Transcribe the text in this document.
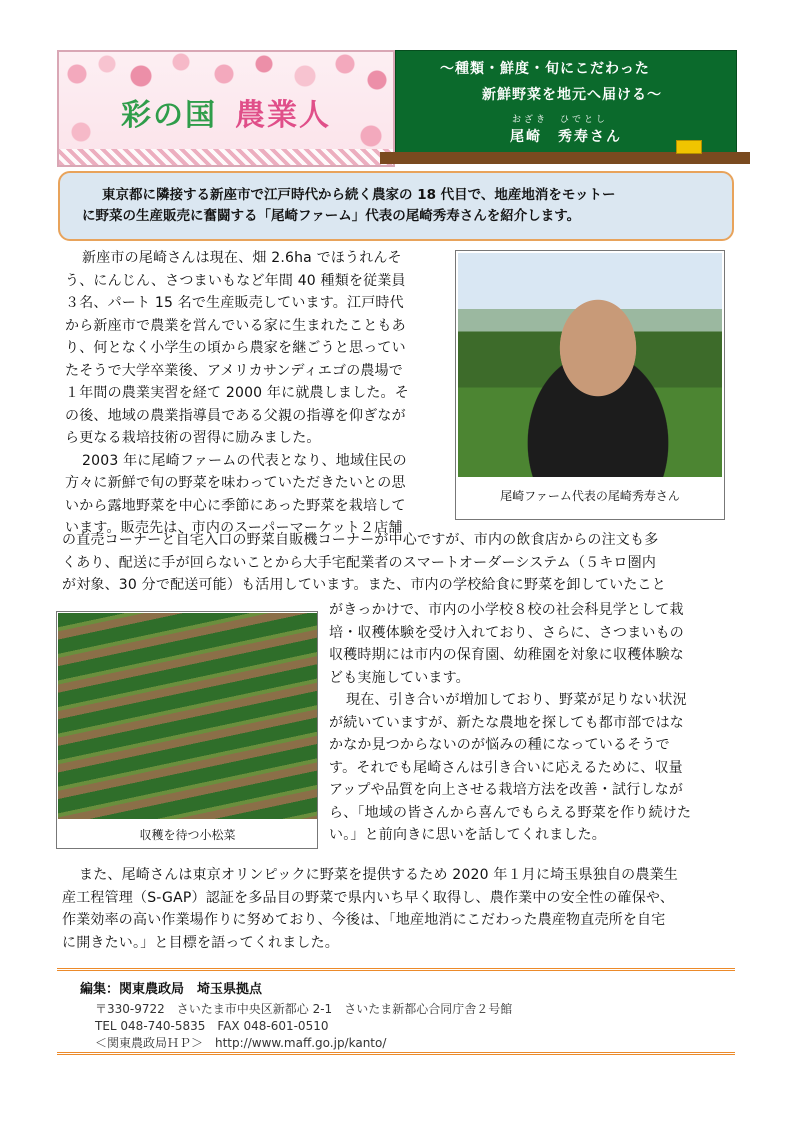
彩の国 農業人
～種類・鮮度・旬にこだわった
新鮮野菜を地元へ届ける～
おざき　ひでとし
尾崎　秀寿さん
東京都に隣接する新座市で江戸時代から続く農家の 18 代目で、地産地消をモットー
に野菜の生産販売に奮闘する「尾崎ファーム」代表の尾崎秀寿さんを紹介します。
新座市の尾崎さんは現在、畑 2.6ha でほうれんそ
う、にんじん、さつまいもなど年間 40 種類を従業員
３名、パート 15 名で生産販売しています。江戸時代
から新座市で農業を営んでいる家に生まれたこともあ
り、何となく小学生の頃から農家を継ごうと思ってい
たそうで大学卒業後、アメリカサンディエゴの農場で
１年間の農業実習を経て 2000 年に就農しました。そ
の後、地域の農業指導員である父親の指導を仰ぎなが
ら更なる栽培技術の習得に励みました。
2003 年に尾崎ファームの代表となり、地域住民の
方々に新鮮で旬の野菜を味わっていただきたいとの思
いから露地野菜を中心に季節にあった野菜を栽培して
います。販売先は、市内のスーパーマーケット２店舗
尾崎ファーム代表の尾崎秀寿さん
の直売コーナーと自宅入口の野菜自販機コーナーが中心ですが、市内の飲食店からの注文も多
くあり、配送に手が回らないことから大手宅配業者のスマートオーダーシステム（５キロ圏内
が対象、30 分で配送可能）も活用しています。また、市内の学校給食に野菜を卸していたこと
収穫を待つ小松菜
がきっかけで、市内の小学校８校の社会科見学として栽
培・収穫体験を受け入れており、さらに、さつまいもの
収穫時期には市内の保育園、幼稚園を対象に収穫体験な
ども実施しています。
現在、引き合いが増加しており、野菜が足りない状況
が続いていますが、新たな農地を探しても都市部ではな
かなか見つからないのが悩みの種になっているそうで
す。それでも尾崎さんは引き合いに応えるために、収量
アップや品質を向上させる栽培方法を改善・試行しなが
ら、「地域の皆さんから喜んでもらえる野菜を作り続けた
い。」と前向きに思いを話してくれました。
また、尾崎さんは東京オリンピックに野菜を提供するため 2020 年１月に埼玉県独自の農業生
産工程管理（S-GAP）認証を多品目の野菜で県内いち早く取得し、農作業中の安全性の確保や、
作業効率の高い作業場作りに努めており、今後は、「地産地消にこだわった農産物直売所を自宅
に開きたい。」と目標を語ってくれました。
編集：関東農政局　埼玉県拠点
〒330-9722　さいたま市中央区新都心 2-1　さいたま新都心合同庁舎２号館
TEL 048-740-5835　FAX 048-601-0510
＜関東農政局ＨＰ＞　http://www.maff.go.jp/kanto/
